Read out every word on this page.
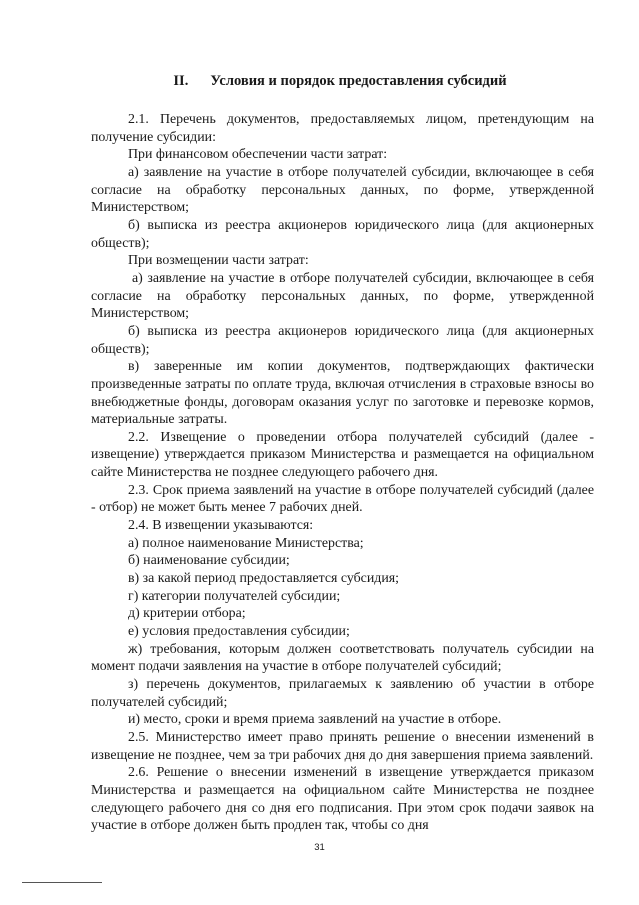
II. Условия и порядок предоставления субсидий

2.1. Перечень документов, предоставляемых лицом, претендующим на получение субсидии:

При финансовом обеспечении части затрат:

а) заявление на участие в отборе получателей субсидии, включающее в себя согласие на обработку персональных данных, по форме, утвержденной Министерством;

б) выписка из реестра акционеров юридического лица (для акционерных обществ);

При возмещении части затрат:

а) заявление на участие в отборе получателей субсидии, включающее в себя согласие на обработку персональных данных, по форме, утвержденной Министерством;

б) выписка из реестра акционеров юридического лица (для акционерных обществ);

в) заверенные им копии документов, подтверждающих фактически произведенные затраты по оплате труда, включая отчисления в страховые взносы во внебюджетные фонды, договорам оказания услуг по заготовке и перевозке кормов, материальные затраты.

2.2. Извещение о проведении отбора получателей субсидий (далее - извещение) утверждается приказом Министерства и размещается на официальном сайте Министерства не позднее следующего рабочего дня.

2.3. Срок приема заявлений на участие в отборе получателей субсидий (далее - отбор) не может быть менее 7 рабочих дней.

2.4. В извещении указываются:

а) полное наименование Министерства;

б) наименование субсидии;

в) за какой период предоставляется субсидия;

г) категории получателей субсидии;

д) критерии отбора;

е) условия предоставления субсидии;

ж) требования, которым должен соответствовать получатель субсидии на момент подачи заявления на участие в отборе получателей субсидий;

з) перечень документов, прилагаемых к заявлению об участии в отборе получателей субсидий;

и) место, сроки и время приема заявлений на участие в отборе.

2.5. Министерство имеет право принять решение о внесении изменений в извещение не позднее, чем за три рабочих дня до дня завершения приема заявлений.

2.6. Решение о внесении изменений в извещение утверждается приказом Министерства и размещается на официальном сайте Министерства не позднее следующего рабочего дня со дня его подписания. При этом срок подачи заявок на участие в отборе должен быть продлен так, чтобы со дня

31
